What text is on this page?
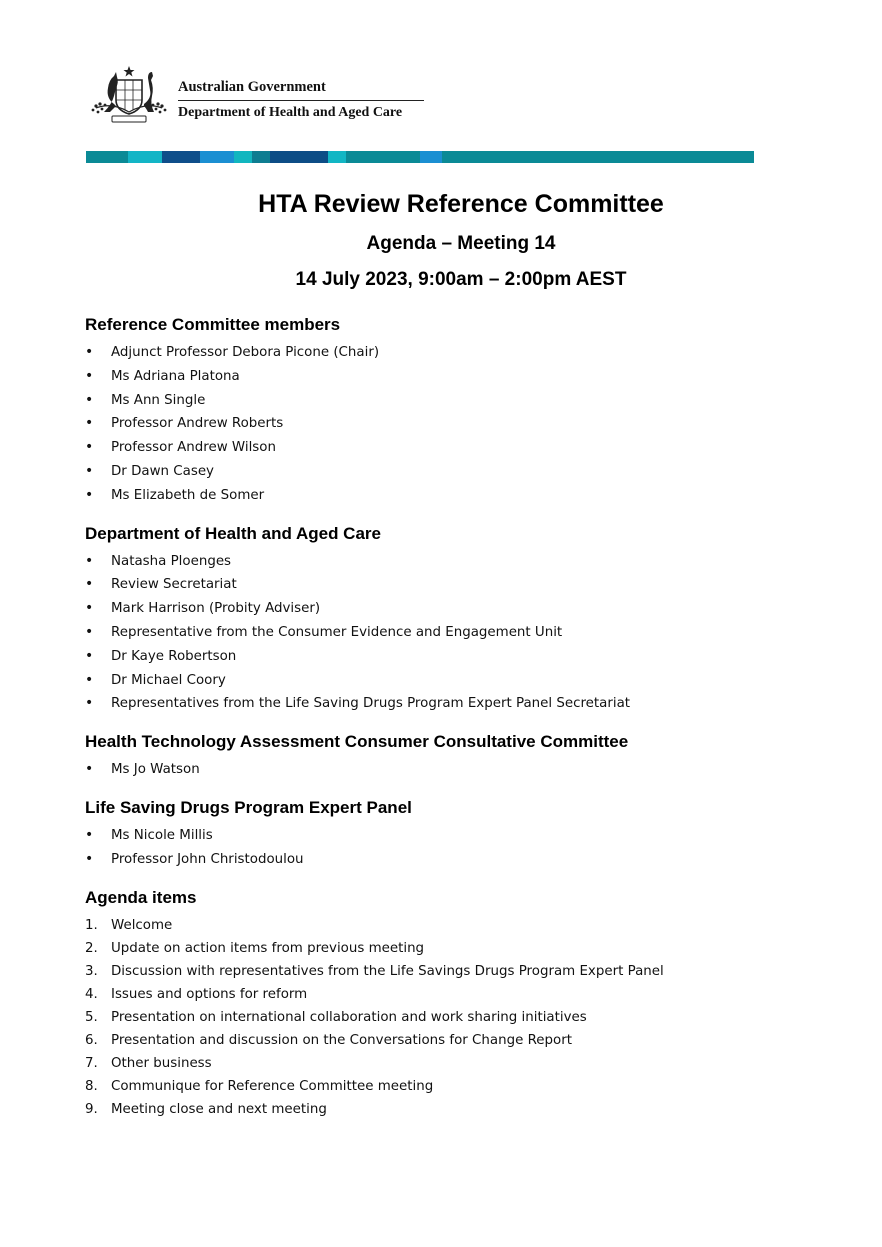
Australian Government
Department of Health and Aged Care
HTA Review Reference Committee
Agenda – Meeting 14
14 July 2023, 9:00am – 2:00pm AEST
Reference Committee members
• Adjunct Professor Debora Picone (Chair)
• Ms Adriana Platona
• Ms Ann Single
• Professor Andrew Roberts
• Professor Andrew Wilson
• Dr Dawn Casey
• Ms Elizabeth de Somer
Department of Health and Aged Care
• Natasha Ploenges
• Review Secretariat
• Mark Harrison (Probity Adviser)
• Representative from the Consumer Evidence and Engagement Unit
• Dr Kaye Robertson
• Dr Michael Coory
• Representatives from the Life Saving Drugs Program Expert Panel Secretariat
Health Technology Assessment Consumer Consultative Committee
• Ms Jo Watson
Life Saving Drugs Program Expert Panel
• Ms Nicole Millis
• Professor John Christodoulou
Agenda items
1. Welcome
2. Update on action items from previous meeting
3. Discussion with representatives from the Life Savings Drugs Program Expert Panel
4. Issues and options for reform
5. Presentation on international collaboration and work sharing initiatives
6. Presentation and discussion on the Conversations for Change Report
7. Other business
8. Communique for Reference Committee meeting
9. Meeting close and next meeting
